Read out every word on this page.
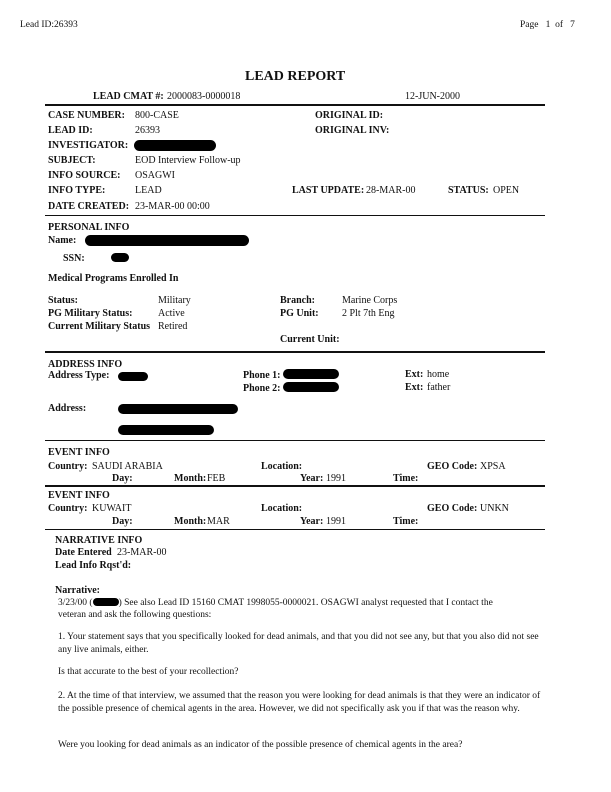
Lead ID:26393	Page 1 of 7
LEAD REPORT
LEAD CMAT #: 2000083-0000018	12-JUN-2000
CASE NUMBER: 800-CASE	ORIGINAL ID:
LEAD ID:	26393	ORIGINAL INV:
INVESTIGATOR:
SUBJECT:	EOD Interview Follow-up
INFO SOURCE: OSAGWI
INFO TYPE:	LEAD	LAST UPDATE: 28-MAR-00	STATUS: OPEN
DATE CREATED: 23-MAR-00 00:00
PERSONAL INFO
Name:
SSN:
Medical Programs Enrolled In
Status:	Military	Branch:	Marine Corps
PG Military Status:	Active	PG Unit: 2 Plt 7th Eng
Current Military Status Retired
Current Unit:
ADDRESS INFO
Address Type:	Phone 1:	Ext: home
Phone 2:	Ext: father
Address:
EVENT INFO
Country: SAUDI ARABIA	Location:	GEO Code: XPSA
Day:	Month: FEB	Year: 1991	Time:
EVENT INFO
Country: KUWAIT	Location:	GEO Code: UNKN
Day:	Month: MAR	Year: 1991	Time:
NARRATIVE INFO
Date Entered 23-MAR-00
Lead Info Rqst'd:
Narrative:
3/23/00 (	) See also Lead ID 15160 CMAT 1998055-0000021. OSAGWI analyst requested that I contact the
veteran and ask the following questions:
1. Your statement says that you specifically looked for dead animals, and that you did not see any, but that you also did not see any live animals, either.
Is that accurate to the best of your recollection?
2. At the time of that interview, we assumed that the reason you were looking for dead animals is that they were an indicator of the possible presence of chemical agents in the area. However, we did not specifically ask you if that was the reason why.
Were you looking for dead animals as an indicator of the possible presence of chemical agents in the area?
